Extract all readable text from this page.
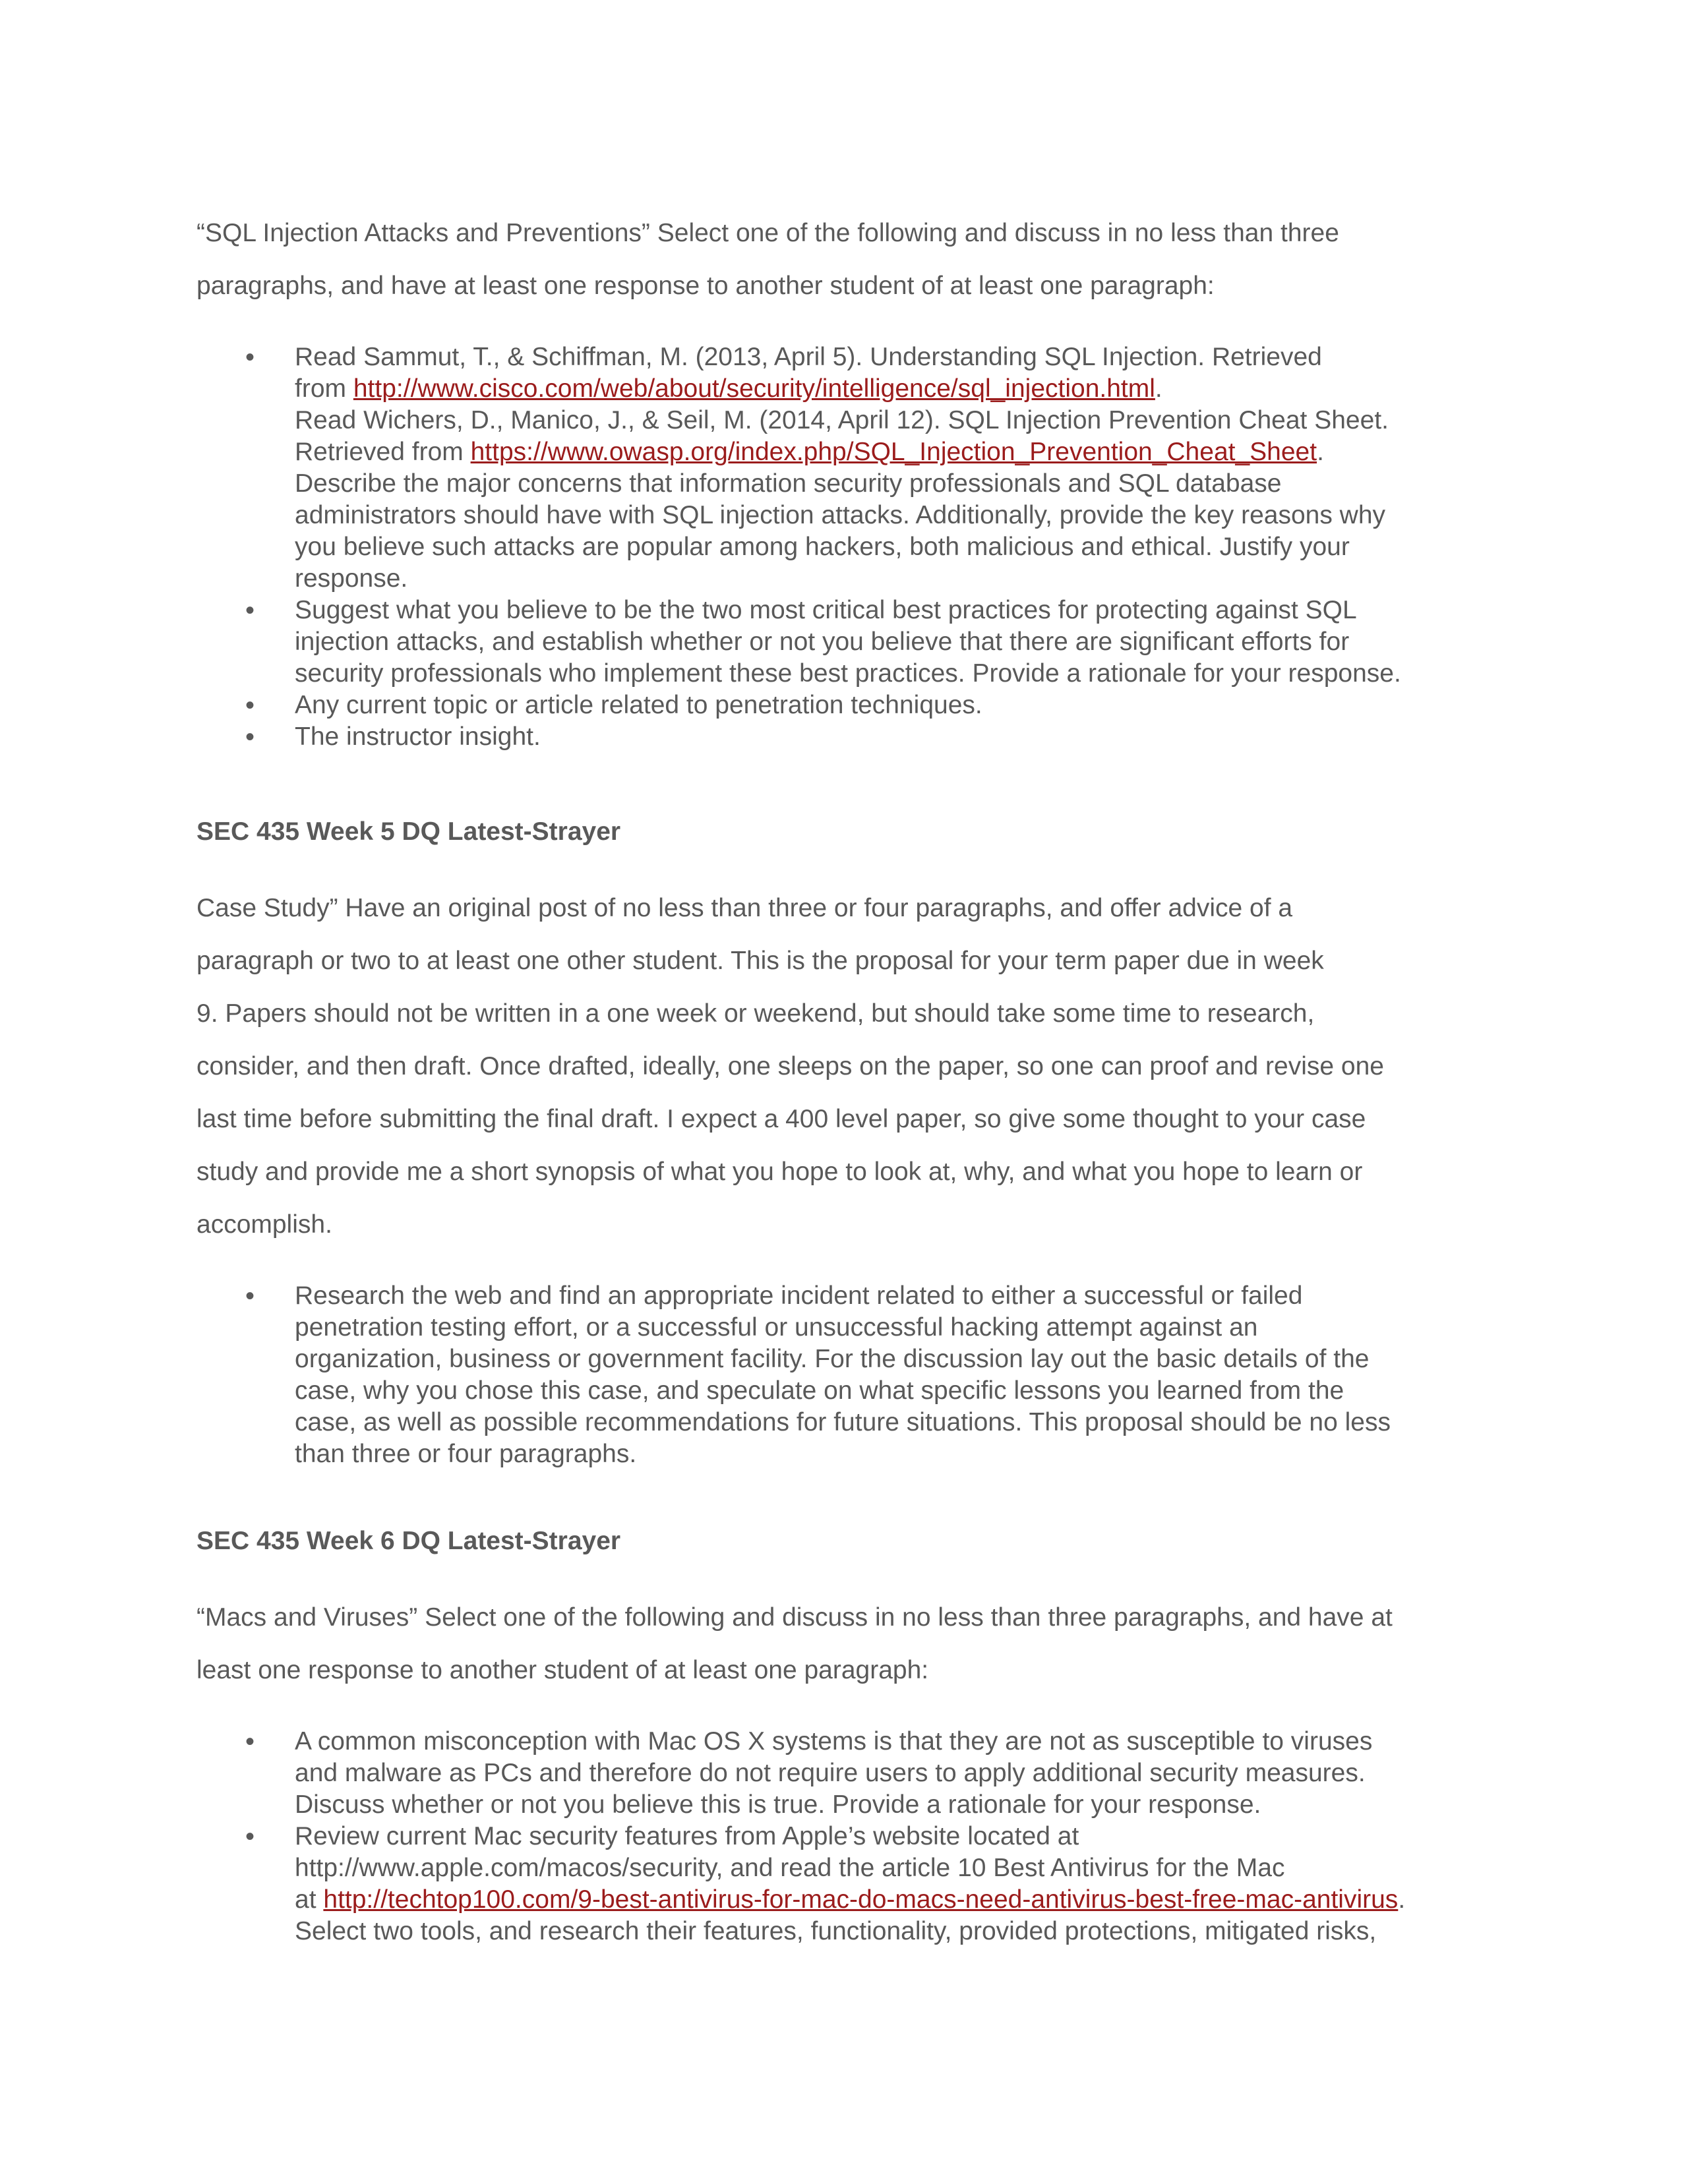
“SQL Injection Attacks and Preventions” Select one of the following and discuss in no less than three
paragraphs, and have at least one response to another student of at least one paragraph:

• Read Sammut, T., & Schiffman, M. (2013, April 5). Understanding SQL Injection. Retrieved
from http://www.cisco.com/web/about/security/intelligence/sql_injection.html.
Read Wichers, D., Manico, J., & Seil, M. (2014, April 12). SQL Injection Prevention Cheat Sheet.
Retrieved from https://www.owasp.org/index.php/SQL_Injection_Prevention_Cheat_Sheet.
Describe the major concerns that information security professionals and SQL database
administrators should have with SQL injection attacks. Additionally, provide the key reasons why
you believe such attacks are popular among hackers, both malicious and ethical. Justify your
response.
• Suggest what you believe to be the two most critical best practices for protecting against SQL
injection attacks, and establish whether or not you believe that there are significant efforts for
security professionals who implement these best practices. Provide a rationale for your response.
• Any current topic or article related to penetration techniques.
• The instructor insight.
SEC 435 Week 5 DQ Latest-Strayer

Case Study” Have an original post of no less than three or four paragraphs, and offer advice of a
paragraph or two to at least one other student. This is the proposal for your term paper due in week
9. Papers should not be written in a one week or weekend, but should take some time to research,
consider, and then draft. Once drafted, ideally, one sleeps on the paper, so one can proof and revise one
last time before submitting the final draft. I expect a 400 level paper, so give some thought to your case
study and provide me a short synopsis of what you hope to look at, why, and what you hope to learn or
accomplish.

• Research the web and find an appropriate incident related to either a successful or failed
penetration testing effort, or a successful or unsuccessful hacking attempt against an
organization, business or government facility. For the discussion lay out the basic details of the
case, why you chose this case, and speculate on what specific lessons you learned from the
case, as well as possible recommendations for future situations. This proposal should be no less
than three or four paragraphs.
SEC 435 Week 6 DQ Latest-Strayer

“Macs and Viruses” Select one of the following and discuss in no less than three paragraphs, and have at
least one response to another student of at least one paragraph:

• A common misconception with Mac OS X systems is that they are not as susceptible to viruses
and malware as PCs and therefore do not require users to apply additional security measures.
Discuss whether or not you believe this is true. Provide a rationale for your response.
• Review current Mac security features from Apple’s website located at
http://www.apple.com/macos/security, and read the article 10 Best Antivirus for the Mac
at http://techtop100.com/9-best-antivirus-for-mac-do-macs-need-antivirus-best-free-mac-antivirus.
Select two tools, and research their features, functionality, provided protections, mitigated risks,
